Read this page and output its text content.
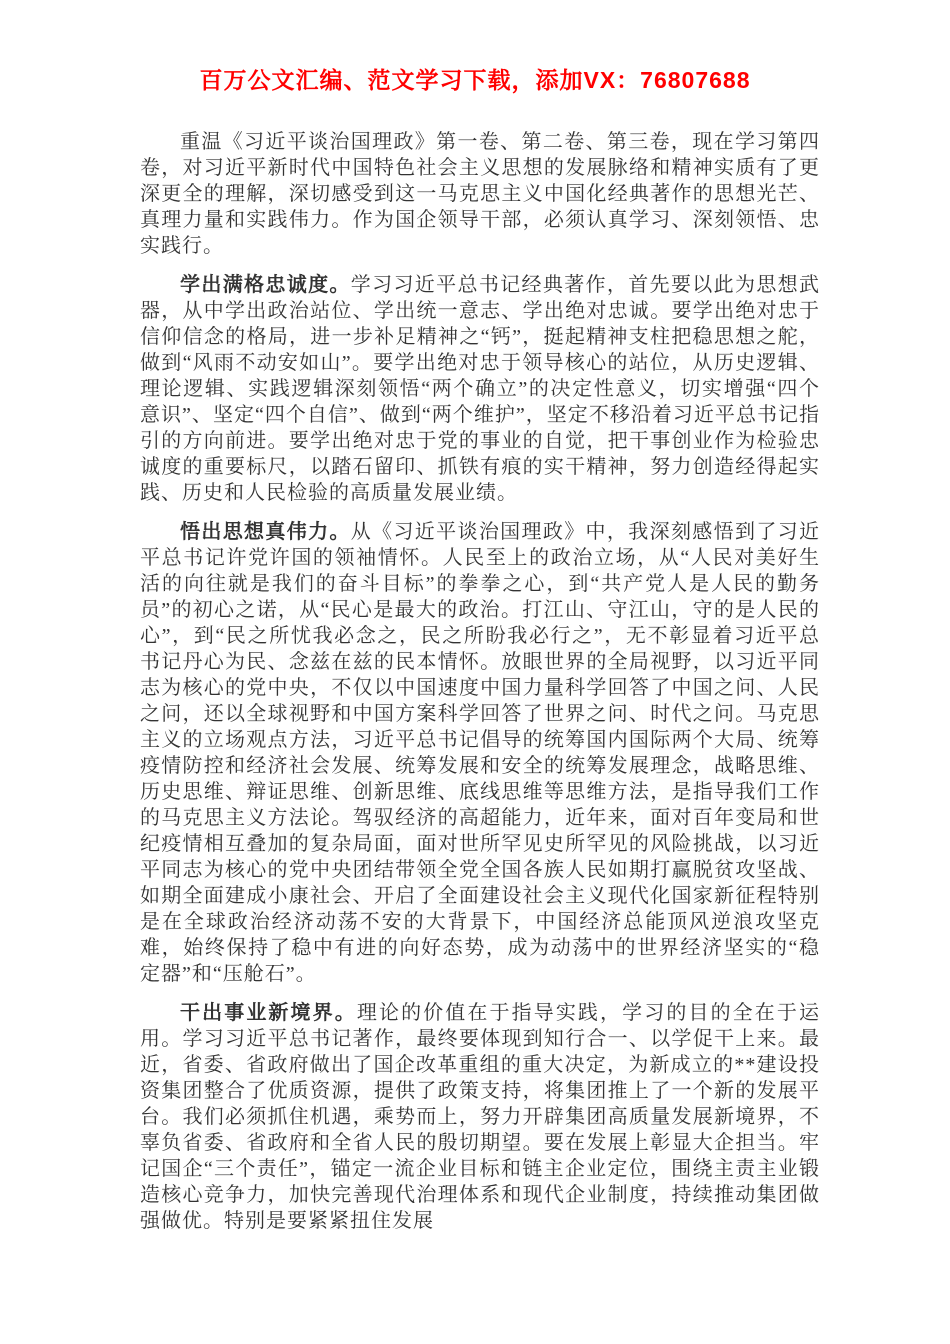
百万公文汇编、范文学习下载，添加VX：76807688

重温《习近平谈治国理政》第一卷、第二卷、第三卷，现在学习第四卷，对习近平新时代中国特色社会主义思想的发展脉络和精神实质有了更深更全的理解，深切感受到这一马克思主义中国化经典著作的思想光芒、真理力量和实践伟力。作为国企领导干部，必须认真学习、深刻领悟、忠实践行。

学出满格忠诚度。学习习近平总书记经典著作，首先要以此为思想武器，从中学出政治站位、学出统一意志、学出绝对忠诚。要学出绝对忠于信仰信念的格局，进一步补足精神之“钙”，挺起精神支柱把稳思想之舵，做到“风雨不动安如山”。要学出绝对忠于领导核心的站位，从历史逻辑、理论逻辑、实践逻辑深刻领悟“两个确立”的决定性意义，切实增强“四个意识”、坚定“四个自信”、做到“两个维护”，坚定不移沿着习近平总书记指引的方向前进。要学出绝对忠于党的事业的自觉，把干事创业作为检验忠诚度的重要标尺，以踏石留印、抓铁有痕的实干精神，努力创造经得起实践、历史和人民检验的高质量发展业绩。

悟出思想真伟力。从《习近平谈治国理政》中，我深刻感悟到了习近平总书记许党许国的领袖情怀。人民至上的政治立场，从“人民对美好生活的向往就是我们的奋斗目标”的拳拳之心，到“共产党人是人民的勤务员”的初心之诺，从“民心是最大的政治。打江山、守江山，守的是人民的心”，到“民之所忧我必念之，民之所盼我必行之”，无不彰显着习近平总书记丹心为民、念兹在兹的民本情怀。放眼世界的全局视野，以习近平同志为核心的党中央，不仅以中国速度中国力量科学回答了中国之问、人民之问，还以全球视野和中国方案科学回答了世界之问、时代之问。马克思主义的立场观点方法，习近平总书记倡导的统筹国内国际两个大局、统筹疫情防控和经济社会发展、统筹发展和安全的统筹发展理念，战略思维、历史思维、辩证思维、创新思维、底线思维等思维方法，是指导我们工作的马克思主义方法论。驾驭经济的高超能力，近年来，面对百年变局和世纪疫情相互叠加的复杂局面，面对世所罕见史所罕见的风险挑战，以习近平同志为核心的党中央团结带领全党全国各族人民如期打赢脱贫攻坚战、如期全面建成小康社会、开启了全面建设社会主义现代化国家新征程特别是在全球政治经济动荡不安的大背景下，中国经济总能顶风逆浪攻坚克难，始终保持了稳中有进的向好态势，成为动荡中的世界经济坚实的“稳定器”和“压舱石”。

干出事业新境界。理论的价值在于指导实践，学习的目的全在于运用。学习习近平总书记著作，最终要体现到知行合一、以学促干上来。最近，省委、省政府做出了国企改革重组的重大决定，为新成立的**建设投资集团整合了优质资源，提供了政策支持，将集团推上了一个新的发展平台。我们必须抓住机遇，乘势而上，努力开辟集团高质量发展新境界，不辜负省委、省政府和全省人民的殷切期望。要在发展上彰显大企担当。牢记国企“三个责任”，锚定一流企业目标和链主企业定位，围绕主责主业锻造核心竞争力，加快完善现代治理体系和现代企业制度，持续推动集团做强做优。特别是要紧紧扭住发展
